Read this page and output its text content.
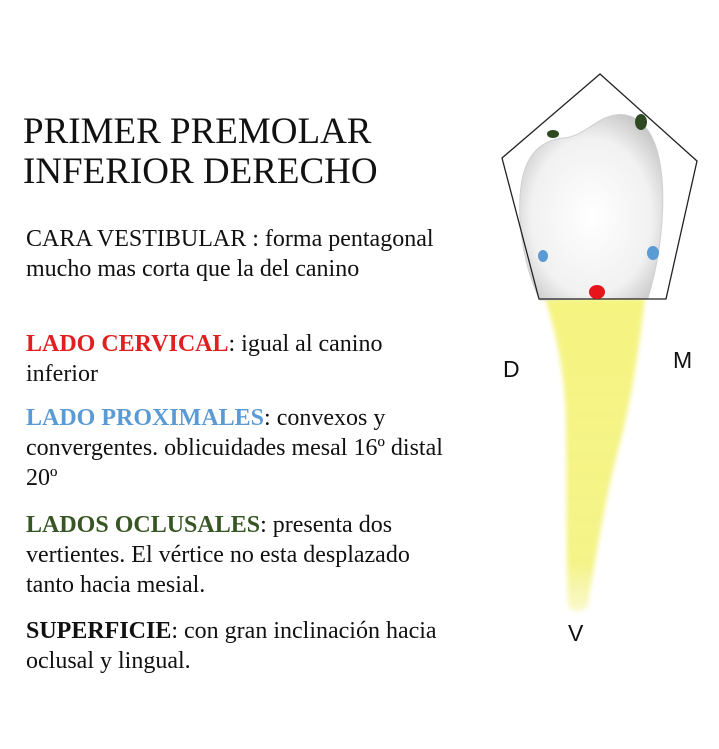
PRIMER PREMOLAR
INFERIOR DERECHO
CARA VESTIBULAR : forma pentagonal mucho mas corta que la del canino
LADO CERVICAL: igual al canino inferior
LADO PROXIMALES: convexos y convergentes. oblicuidades mesal 16º distal 20º
LADOS OCLUSALES: presenta dos vertientes. El vértice no esta desplazado tanto hacia mesial.
SUPERFICIE: con gran inclinación hacia oclusal y lingual.
D	M
V
